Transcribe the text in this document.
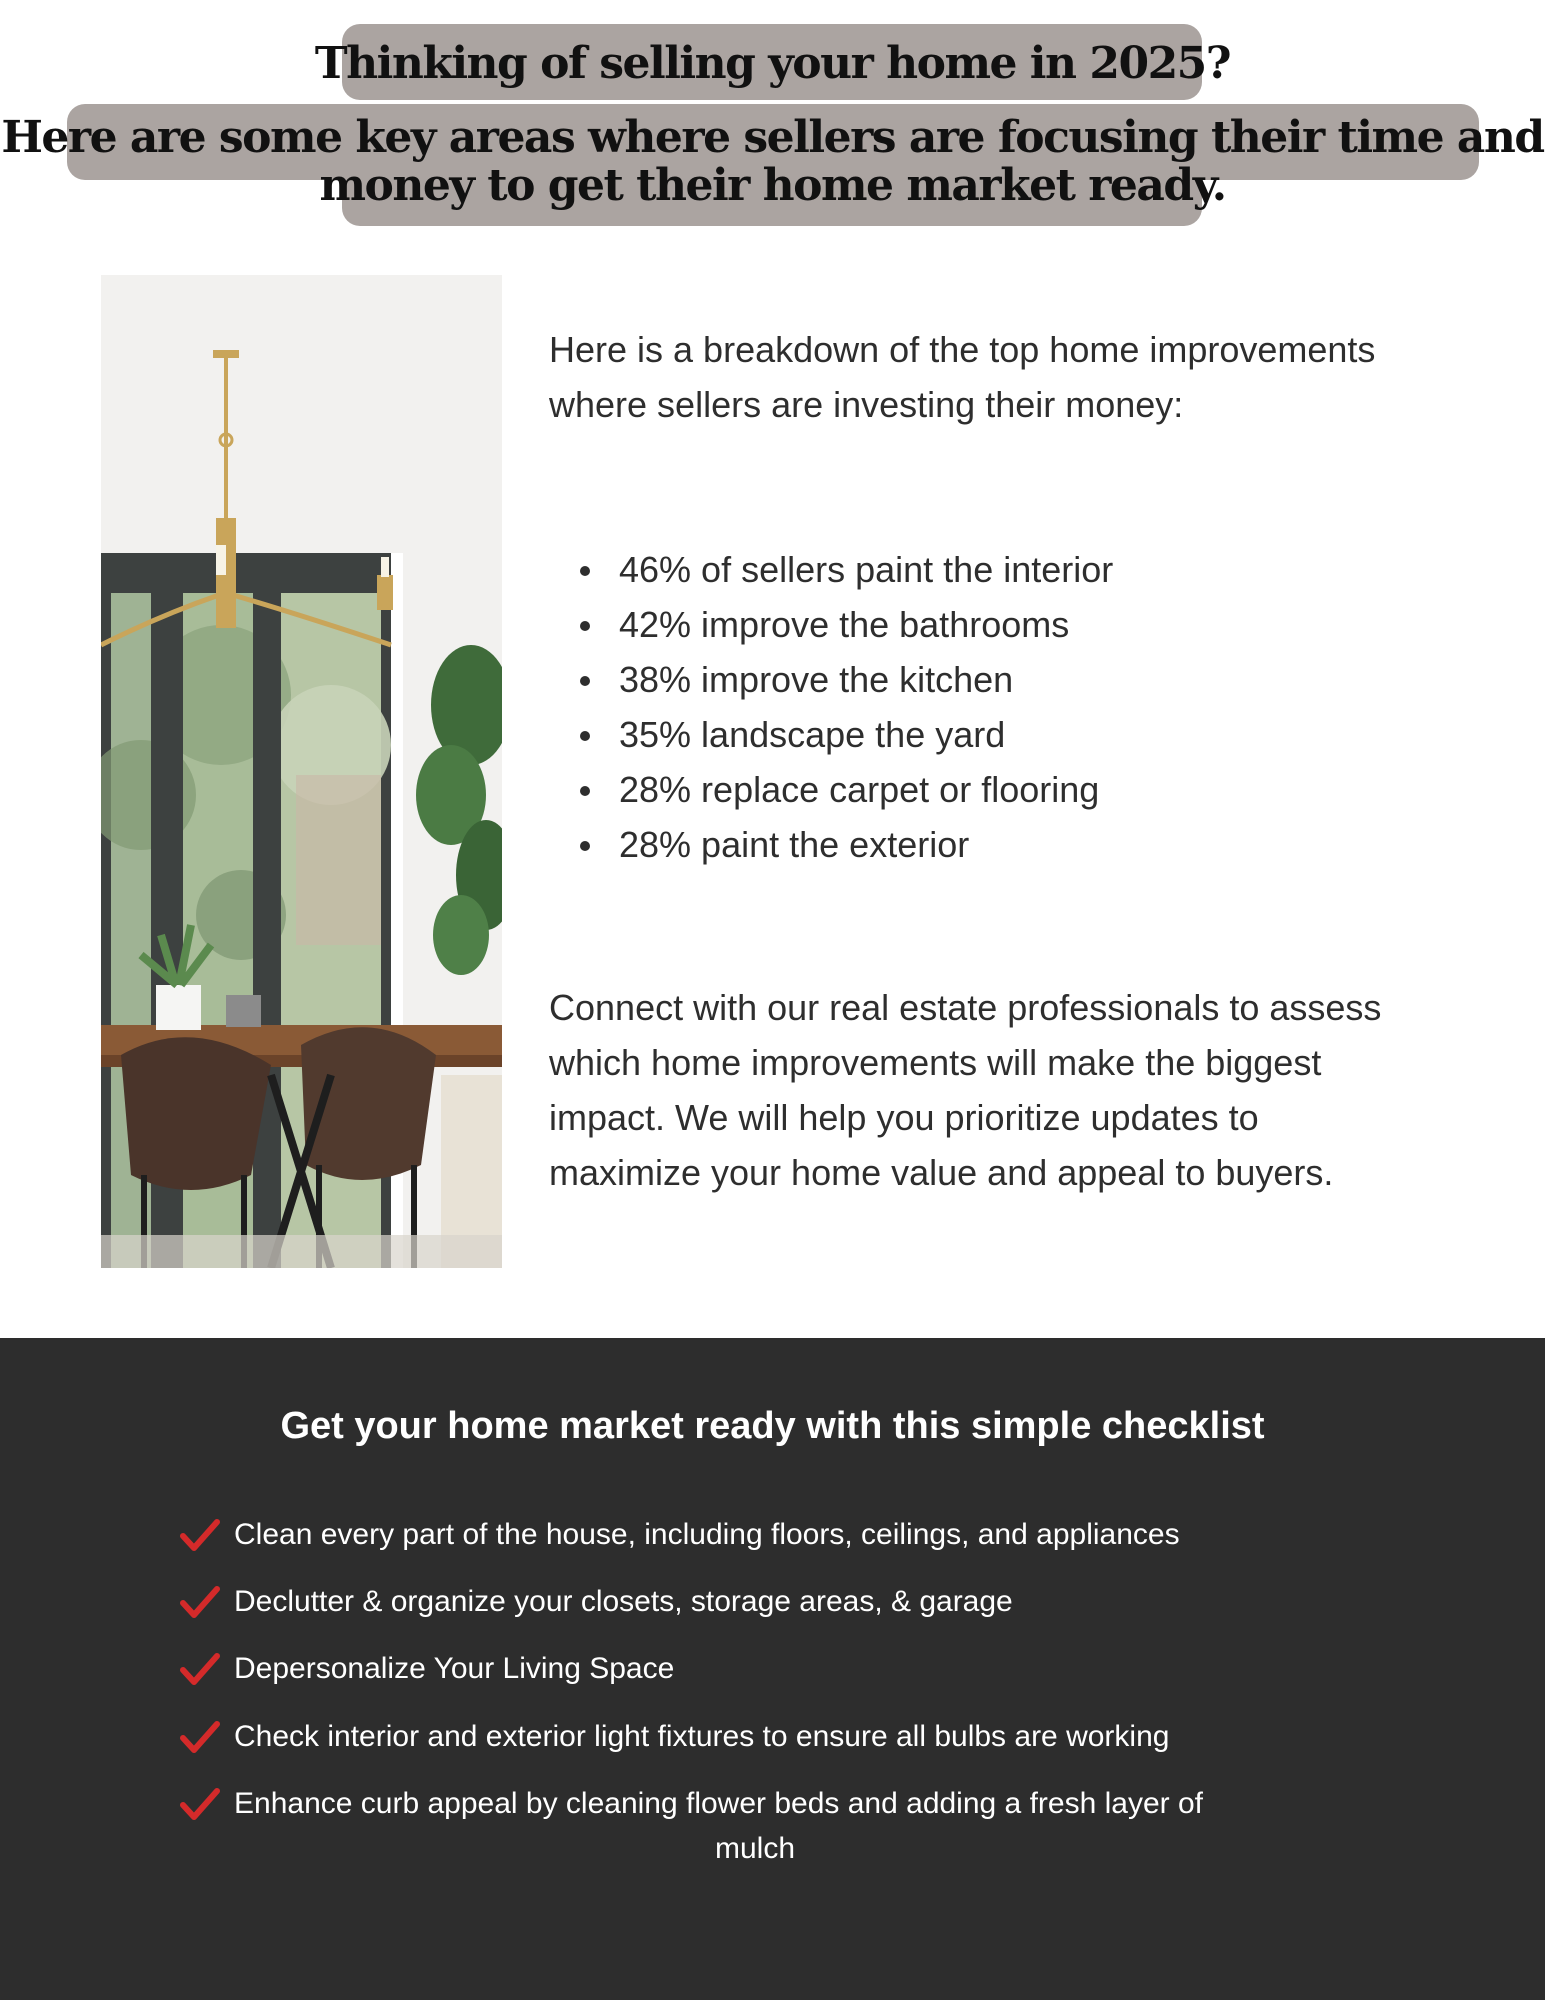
Thinking of selling your home in 2025?
Here are some key areas where sellers are focusing their time and
money to get their home market ready.

Here is a breakdown of the top home improvements where sellers are investing their money:

46% of sellers paint the interior
42% improve the bathrooms
38% improve the kitchen
35% landscape the yard
28% replace carpet or flooring
28% paint the exterior

Connect with our real estate professionals to assess which home improvements will make the biggest impact. We will help you prioritize updates to maximize your home value and appeal to buyers.

Get your home market ready with this simple checklist
Clean every part of the house, including floors, ceilings, and appliances
Declutter & organize your closets, storage areas, & garage
Depersonalize Your Living Space
Check interior and exterior light fixtures to ensure all bulbs are working
Enhance curb appeal by cleaning flower beds and adding a fresh layer of
mulch
